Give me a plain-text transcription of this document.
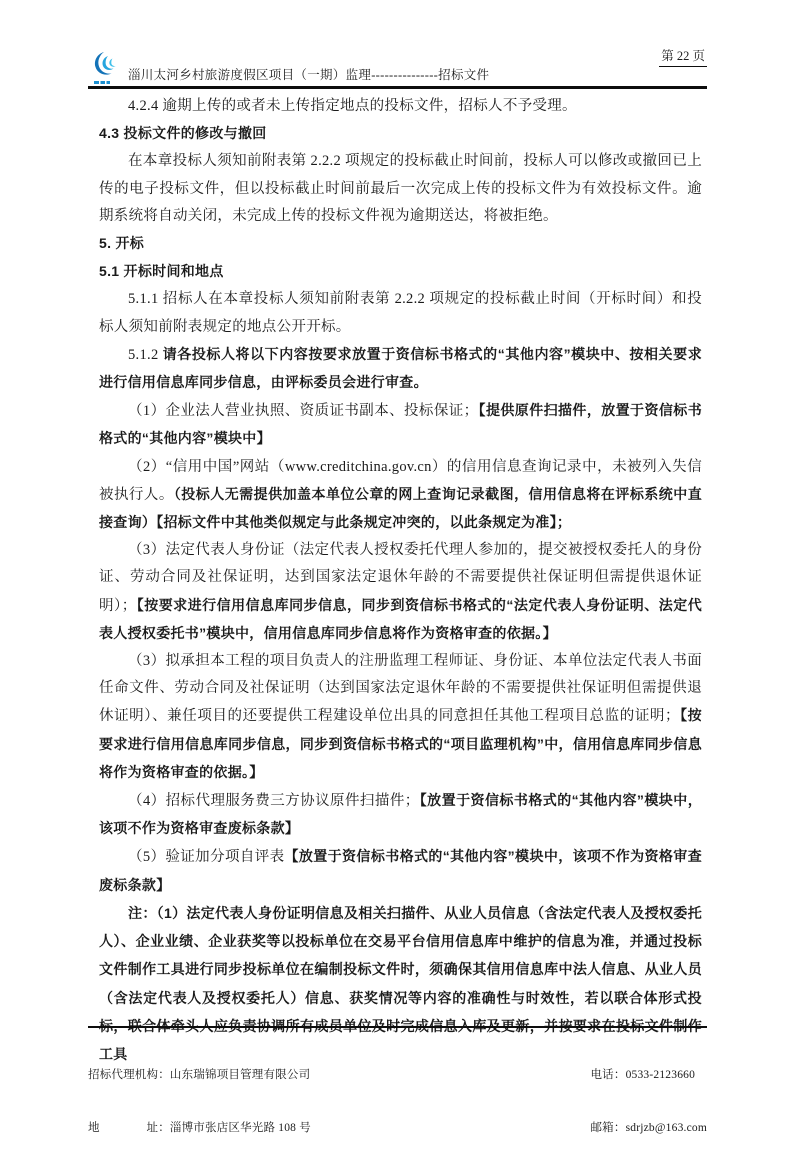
淄川太河乡村旅游度假区项目（一期）监理---------------招标文件
第 22 页

4.2.4 逾期上传的或者未上传指定地点的投标文件，招标人不予受理。

4.3 投标文件的修改与撤回

在本章投标人须知前附表第 2.2.2 项规定的投标截止时间前，投标人可以修改或撤回已上传的电子投标文件，但以投标截止时间前最后一次完成上传的投标文件为有效投标文件。逾期系统将自动关闭，未完成上传的投标文件视为逾期送达，将被拒绝。

5. 开标

5.1 开标时间和地点

5.1.1 招标人在本章投标人须知前附表第 2.2.2 项规定的投标截止时间（开标时间）和投标人须知前附表规定的地点公开开标。

5.1.2 请各投标人将以下内容按要求放置于资信标书格式的“其他内容”模块中、按相关要求进行信用信息库同步信息，由评标委员会进行审查。

（1）企业法人营业执照、资质证书副本、投标保证；【提供原件扫描件，放置于资信标书格式的“其他内容”模块中】

（2）“信用中国”网站（www.creditchina.gov.cn）的信用信息查询记录中，未被列入失信被执行人。（投标人无需提供加盖本单位公章的网上查询记录截图，信用信息将在评标系统中直接查询）【招标文件中其他类似规定与此条规定冲突的，以此条规定为准】；

（3）法定代表人身份证（法定代表人授权委托代理人参加的，提交被授权委托人的身份证、劳动合同及社保证明，达到国家法定退休年龄的不需要提供社保证明但需提供退休证明）；【按要求进行信用信息库同步信息，同步到资信标书格式的“法定代表人身份证明、法定代表人授权委托书”模块中，信用信息库同步信息将作为资格审查的依据。】

（3）拟承担本工程的项目负责人的注册监理工程师证、身份证、本单位法定代表人书面任命文件、劳动合同及社保证明（达到国家法定退休年龄的不需要提供社保证明但需提供退休证明）、兼任项目的还要提供工程建设单位出具的同意担任其他工程项目总监的证明；【按要求进行信用信息库同步信息，同步到资信标书格式的“项目监理机构”中，信用信息库同步信息将作为资格审查的依据。】

（4）招标代理服务费三方协议原件扫描件；【放置于资信标书格式的“其他内容”模块中，该项不作为资格审查废标条款】

（5）验证加分项自评表【放置于资信标书格式的“其他内容”模块中，该项不作为资格审查废标条款】

注：（1）法定代表人身份证明信息及相关扫描件、从业人员信息（含法定代表人及授权委托人）、企业业绩、企业获奖等以投标单位在交易平台信用信息库中维护的信息为准，并通过投标文件制作工具进行同步投标单位在编制投标文件时，须确保其信用信息库中法人信息、从业人员（含法定代表人及授权委托人）信息、获奖情况等内容的准确性与时效性，若以联合体形式投标，联合体牵头人应负责协调所有成员单位及时完成信息入库及更新，并按要求在投标文件制作工具

招标代理机构：山东瑞锦项目管理有限公司

地　　　　址：淄博市张店区华光路 108 号

电话：0533-2123660

邮箱：sdrjzb@163.com
